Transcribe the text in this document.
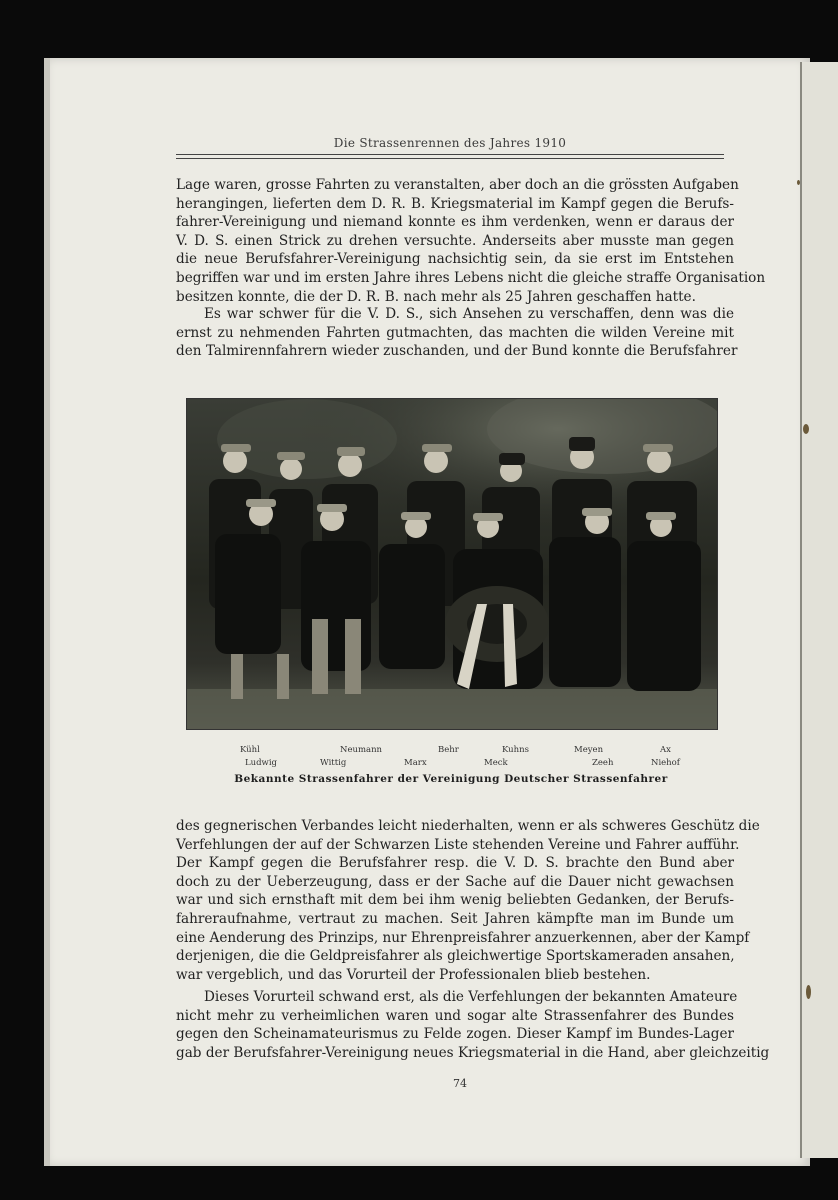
Die Strassenrennen des Jahres 1910
Lage waren, grosse Fahrten zu veranstalten, aber doch an die grössten Aufgaben
herangingen, lieferten dem D. R. B. Kriegsmaterial im Kampf gegen die Berufs-
fahrer-Vereinigung und niemand konnte es ihm verdenken, wenn er daraus der
V. D. S. einen Strick zu drehen versuchte. Anderseits aber musste man gegen
die neue Berufsfahrer-Vereinigung nachsichtig sein, da sie erst im Entstehen
begriffen war und im ersten Jahre ihres Lebens nicht die gleiche straffe Organisation
besitzen konnte, die der D. R. B. nach mehr als 25 Jahren geschaffen hatte.
Es war schwer für die V. D. S., sich Ansehen zu verschaffen, denn was die
ernst zu nehmenden Fahrten gutmachten, das machten die wilden Vereine mit
den Talmirennfahrern wieder zuschanden, und der Bund konnte die Berufsfahrer
Kühl	Neumann	Behr	Kuhns	Meyen	Ax
Ludwig	Wittig	Marx	Meck	Zeeh	Niehof
Bekannte Strassenfahrer der Vereinigung Deutscher Strassenfahrer
des gegnerischen Verbandes leicht niederhalten, wenn er als schweres Geschütz die
Verfehlungen der auf der Schwarzen Liste stehenden Vereine und Fahrer aufführ.
Der Kampf gegen die Berufsfahrer resp. die V. D. S. brachte den Bund aber
doch zu der Ueberzeugung, dass er der Sache auf die Dauer nicht gewachsen
war und sich ernsthaft mit dem bei ihm wenig beliebten Gedanken, der Berufs-
fahreraufnahme, vertraut zu machen. Seit Jahren kämpfte man im Bunde um
eine Aenderung des Prinzips, nur Ehrenpreisfahrer anzuerkennen, aber der Kampf
derjenigen, die die Geldpreisfahrer als gleichwertige Sportskameraden ansahen,
war vergeblich, und das Vorurteil der Professionalen blieb bestehen.
Dieses Vorurteil schwand erst, als die Verfehlungen der bekannten Amateure
nicht mehr zu verheimlichen waren und sogar alte Strassenfahrer des Bundes
gegen den Scheinamateurismus zu Felde zogen. Dieser Kampf im Bundes-Lager
gab der Berufsfahrer-Vereinigung neues Kriegsmaterial in die Hand, aber gleichzeitig
74
